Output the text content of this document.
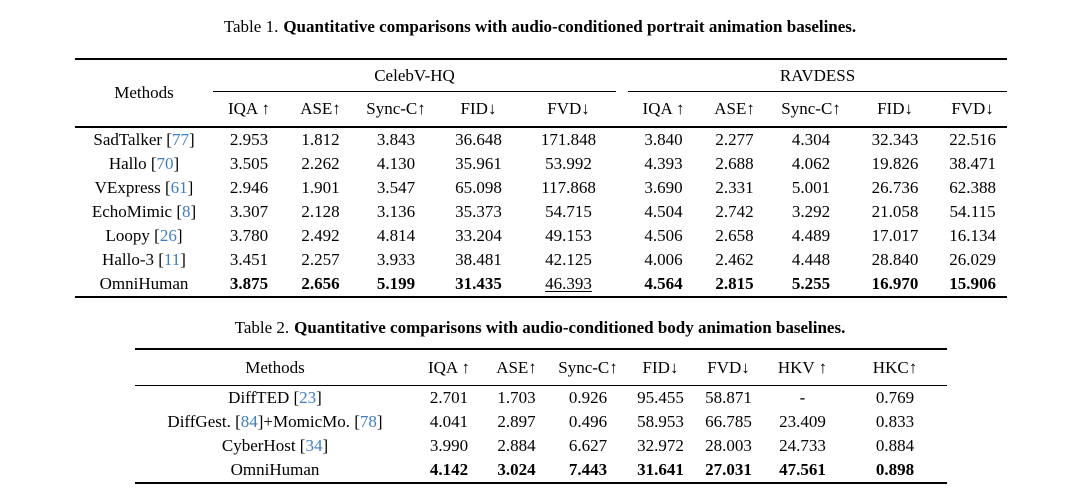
Table 1. Quantitative comparisons with audio-conditioned portrait animation baselines.
Methods	CelebV-HQ						RAVDESS				
	IQA ↑	ASE↑	Sync-C↑	FID↓	FVD↓		IQA ↑	ASE↑	Sync-C↑	FID↓	FVD↓
SadTalker [77]	2.953	1.812	3.843	36.648	171.848		3.840	2.277	4.304	32.343	22.516
Hallo [70]	3.505	2.262	4.130	35.961	53.992		4.393	2.688	4.062	19.826	38.471
VExpress [61]	2.946	1.901	3.547	65.098	117.868		3.690	2.331	5.001	26.736	62.388
EchoMimic [8]	3.307	2.128	3.136	35.373	54.715		4.504	2.742	3.292	21.058	54.115
Loopy [26]	3.780	2.492	4.814	33.204	49.153		4.506	2.658	4.489	17.017	16.134
Hallo-3 [11]	3.451	2.257	3.933	38.481	42.125		4.006	2.462	4.448	28.840	26.029
OmniHuman	3.875	2.656	5.199	31.435	46.393		4.564	2.815	5.255	16.970	15.906
Table 2. Quantitative comparisons with audio-conditioned body animation baselines.
Methods	IQA ↑	ASE↑	Sync-C↑	FID↓	FVD↓	HKV ↑	HKC↑
DiffTED [23]	2.701	1.703	0.926	95.455	58.871	-	0.769
DiffGest. [84]+MomicMo. [78]	4.041	2.897	0.496	58.953	66.785	23.409	0.833
CyberHost [34]	3.990	2.884	6.627	32.972	28.003	24.733	0.884
OmniHuman	4.142	3.024	7.443	31.641	27.031	47.561	0.898
